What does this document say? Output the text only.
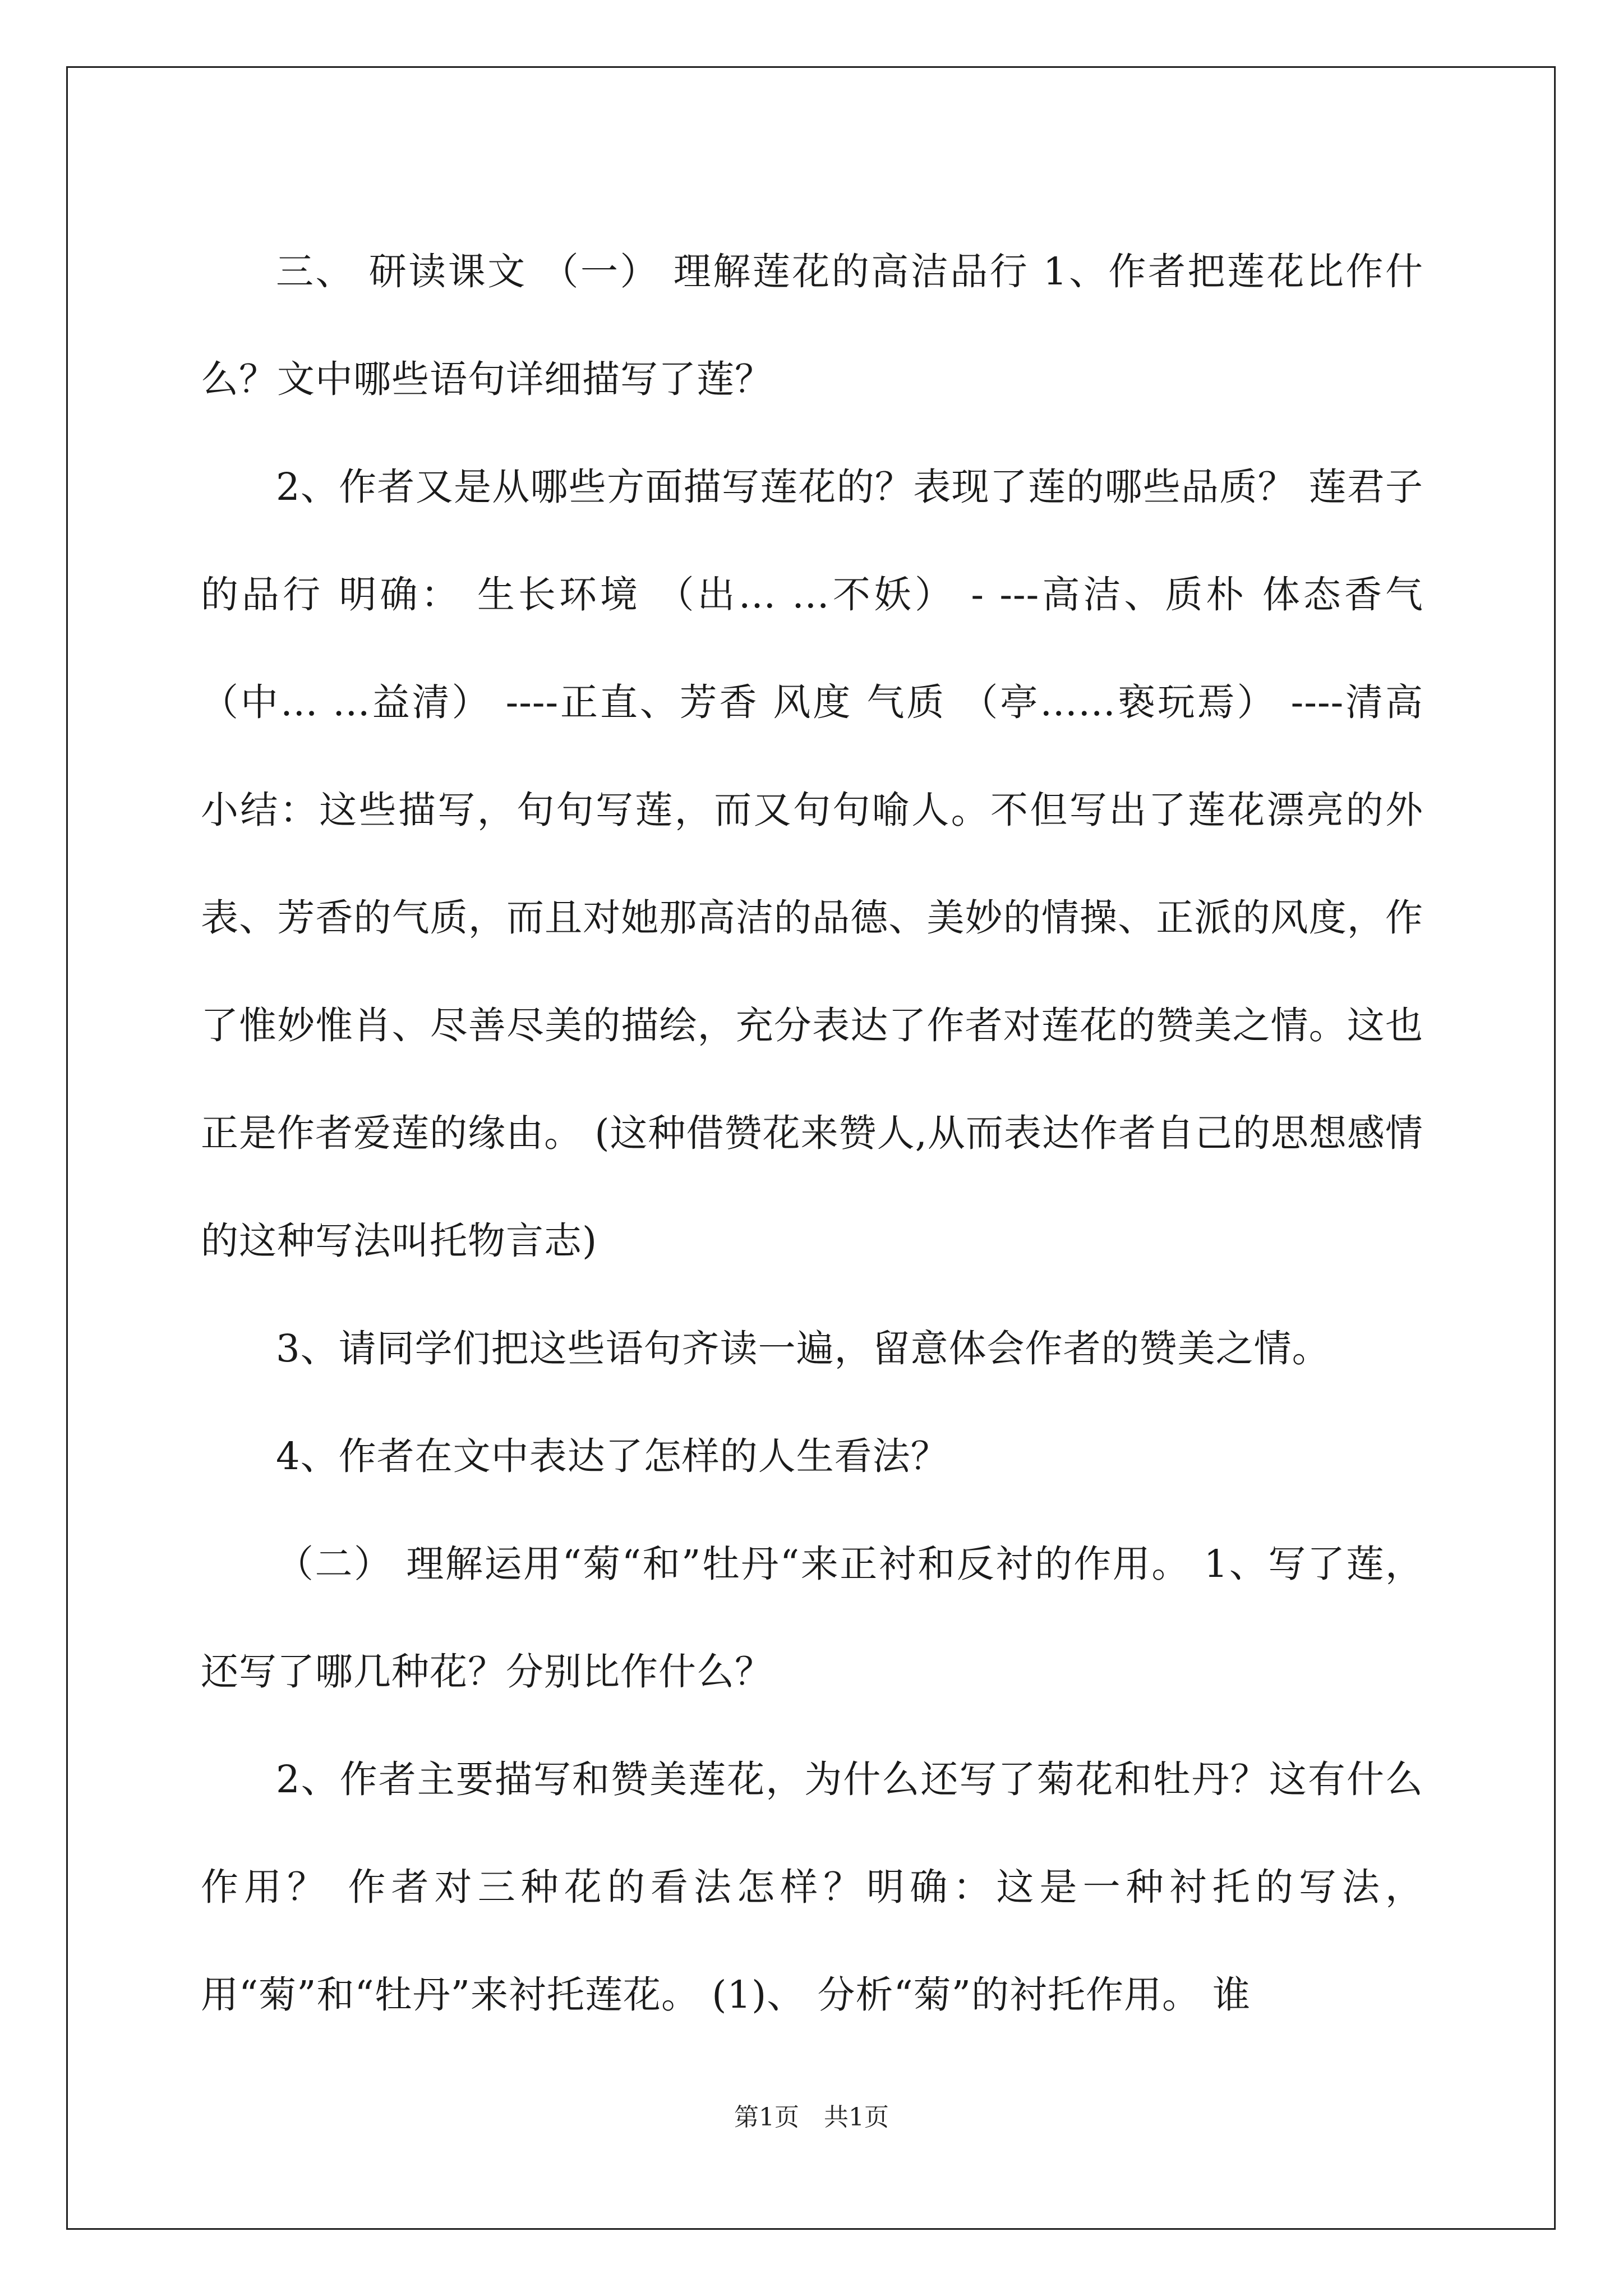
三、 研读课文 （一） 理解莲花的高洁品行 1、作者把莲花比作什么？文中哪些语句详细描写了莲？

2、作者又是从哪些方面描写莲花的？表现了莲的哪些品质？ 莲君子的品行 明确： 生长环境 （出… …不妖） - ---高洁、质朴 体态香气 （中… …益清） ----正直、芳香 风度 气质 （亭……亵玩焉） ----清高 小结：这些描写，句句写莲，而又句句喻人。不但写出了莲花漂亮的外表、芳香的气质，而且对她那高洁的品德、美妙的情操、正派的风度，作了惟妙惟肖、尽善尽美的描绘，充分表达了作者对莲花的赞美之情。这也正是作者爱莲的缘由。 (这种借赞花来赞人,从而表达作者自己的思想感情的这种写法叫托物言志)

3、请同学们把这些语句齐读一遍，留意体会作者的赞美之情。

4、作者在文中表达了怎样的人生看法？

（二） 理解运用“菊“和”牡丹“来正衬和反衬的作用。 1、写了莲，还写了哪几种花？分别比作什么？

2、作者主要描写和赞美莲花，为什么还写了菊花和牡丹？这有什么作用？ 作者对三种花的看法怎样？明确：这是一种衬托的写法，用“菊”和“牡丹”来衬托莲花。 (1)、 分析“菊”的衬托作用。 谁

第1页　共1页
